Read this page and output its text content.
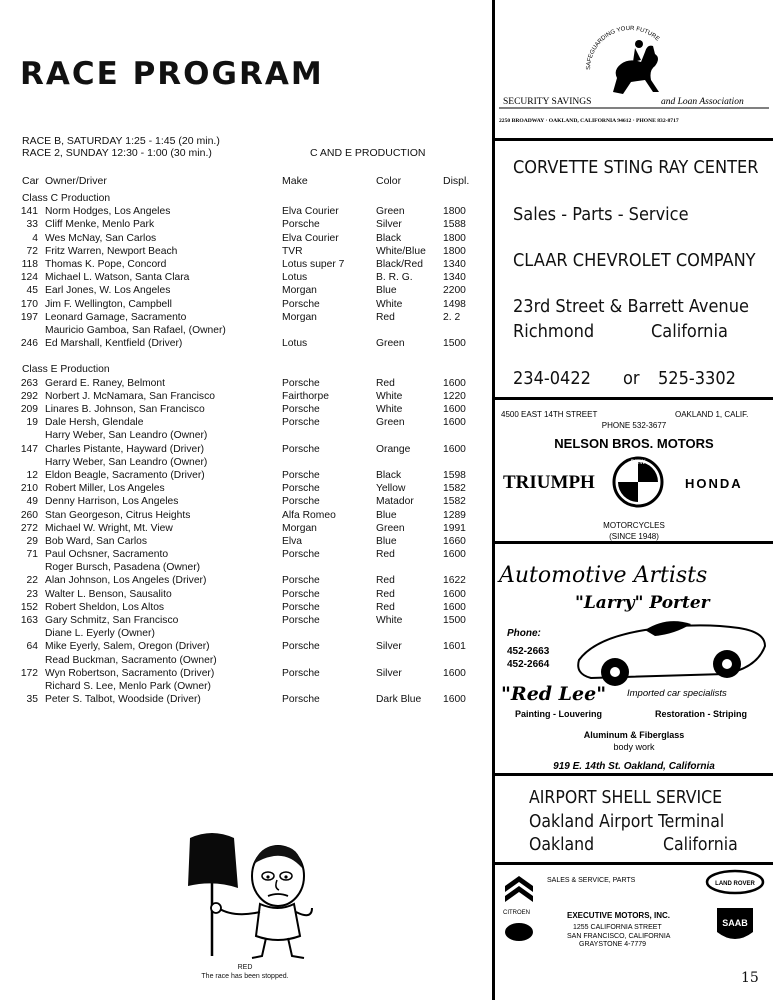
RACE PROGRAM
RACE B, SATURDAY 1:25 - 1:45 (20 min.)
RACE 2, SUNDAY 12:30 - 1:00 (30 min.)	C AND E PRODUCTION
Car Owner/Driver	Make	Color	Displ.
Class C Production
141 Norm Hodges, Los Angeles	Elva Courier	Green	1800
33 Cliff Menke, Menlo Park	Porsche	Silver	1588
4 Wes McNay, San Carlos	Elva Courier	Black	1800
72 Fritz Warren, Newport Beach	TVR	White/Blue 1800
118 Thomas K. Pope, Concord	Lotus super 7	Black/Red 1340
124 Michael L. Watson, Santa Clara	Lotus	B. R. G.	1340
45 Earl Jones, W. Los Angeles	Morgan	Blue	2200
170 Jim F. Wellington, Campbell	Porsche	White	1498
197 Leonard Gamage, Sacramento	Morgan	Red	2. 2
Mauricio Gamboa, San Rafael, (Owner)
246 Ed Marshall, Kentfield (Driver)	Lotus	Green	1500
Class E Production
263 Gerard E. Raney, Belmont	Porsche	Red	1600
292 Norbert J. McNamara, San Francisco	Fairthorpe	White	1220
209 Linares B. Johnson, San Francisco	Porsche	White	1600
19 Dale Hersh, Glendale	Porsche	Green	1600
Harry Weber, San Leandro (Owner)
147 Charles Pistante, Hayward (Driver)	Porsche	Orange	1600
Harry Weber, San Leandro (Owner)
12 Eldon Beagle, Sacramento (Driver)	Porsche	Black	1598
210 Robert Miller, Los Angeles	Porsche	Yellow	1582
49 Denny Harrison, Los Angeles	Porsche	Matador	1582
260 Stan Georgeson, Citrus Heights	Alfa Romeo	Blue	1289
272 Michael W. Wright, Mt. View	Morgan	Green	1991
29 Bob Ward, San Carlos	Elva	Blue	1660
71 Paul Ochsner, Sacramento	Porsche	Red	1600
Roger Bursch, Pasadena (Owner)
22 Alan Johnson, Los Angeles (Driver)	Porsche	Red	1622
23 Walter L. Benson, Sausalito	Porsche	Red	1600
152 Robert Sheldon, Los Altos	Porsche	Red	1600
163 Gary Schmitz, San Francisco	Porsche	White	1500
Diane L. Eyerly (Owner)
64 Mike Eyerly, Salem, Oregon (Driver)	Porsche	Silver	1601
Read Buckman, Sacramento (Owner)
172 Wyn Robertson, Sacramento (Driver)	Porsche	Silver	1600
Richard S. Lee, Menlo Park (Owner)
35 Peter S. Talbot, Woodside (Driver)	Porsche	Dark Blue 1600
RED
The race has been stopped.
SAFEGUARDING YOUR FUTURE
SECURITY SAVINGS	and Loan Association
2250 BROADWAY · OAKLAND, CALIFORNIA 94612 · PHONE 832-8717
CORVETTE STING RAY CENTER
Sales - Parts - Service
CLAAR CHEVROLET COMPANY
23rd Street & Barrett Avenue
Richmond	California
234-0422 or 525-3302
4500 EAST 14TH STREET	OAKLAND 1, CALIF.
PHONE 532-3677
NELSON BROS. MOTORS
TRIUMPH
BMW
HONDA
MOTORCYCLES
(SINCE 1948)
Automotive Artists
"Larry" Porter
Phone:
452-2663
452-2664
"Red Lee" Imported car specialists
Painting - Louvering	Restoration - Striping
Aluminum & Fiberglass
body work
919 E. 14th St. Oakland, California
AIRPORT SHELL SERVICE
Oakland Airport Terminal
Oakland	California
SALES & SERVICE, PARTS
CITROEN
LAND ROVER
SAAB
EXECUTIVE MOTORS, INC.
1255 CALIFORNIA STREET
SAN FRANCISCO, CALIFORNIA
GRAYSTONE 4-7779
15
